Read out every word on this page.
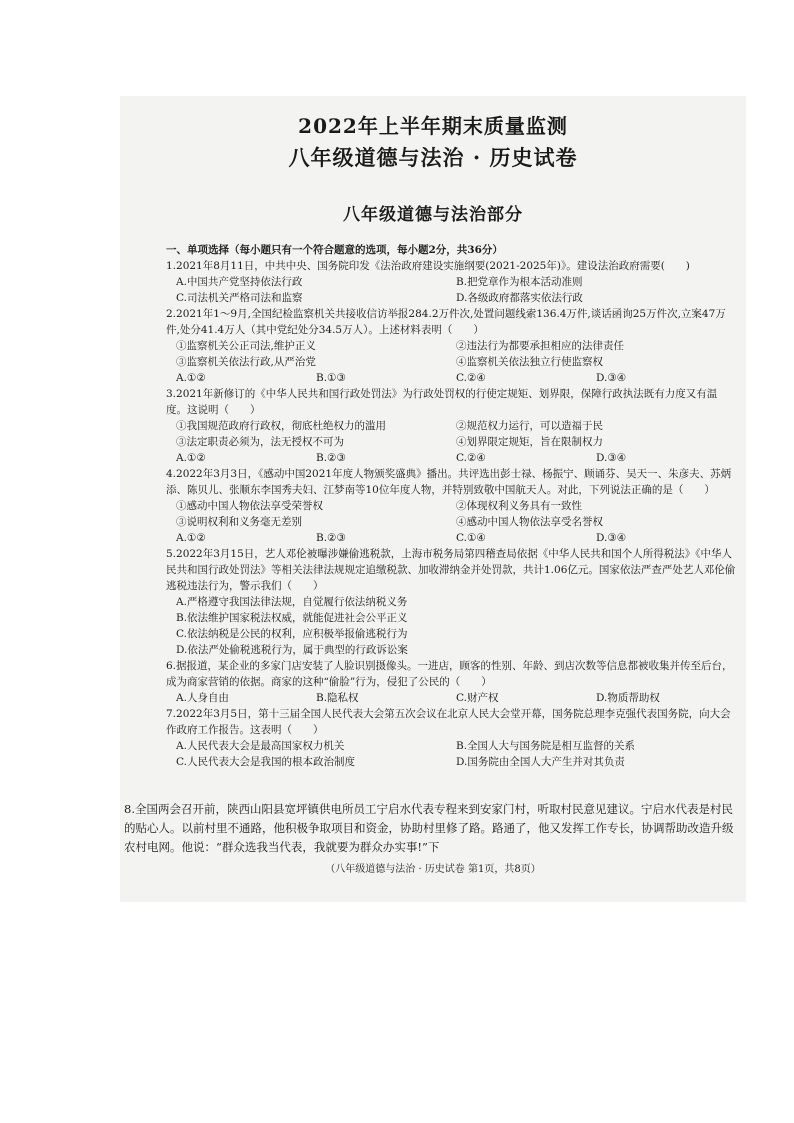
2022年上半年期末质量监测
八年级道德与法治 · 历史试卷
八年级道德与法治部分
一、单项选择（每小题只有一个符合题意的选项，每小题2分，共36分）
1.2021年8月11日，中共中央、国务院印发《法治政府建设实施纲要(2021-2025年)》。建设法治政府需要(　　)
A.中国共产党坚持依法行政	B.把党章作为根本活动准则
C.司法机关严格司法和监察	D.各级政府都落实依法行政
2.2021年1～9月,全国纪检监察机关共接收信访举报284.2万件次,处置问题线索136.4万件,谈话函询25万件次,立案47万件,处分41.4万人（其中党纪处分34.5万人）。上述材料表明（　　）
①监察机关公正司法,维护正义	②违法行为都要承担相应的法律责任
③监察机关依法行政,从严治党	④监察机关依法独立行使监察权
A.①②	B.①③	C.②④	D.③④
3.2021年新修订的《中华人民共和国行政处罚法》为行政处罚权的行使定规矩、划界限，保障行政执法既有力度又有温度。这说明（　　）
①我国规范政府行政权，彻底杜绝权力的滥用	②规范权力运行，可以造福于民
③法定职责必须为，法无授权不可为	④划界限定规矩，旨在限制权力
A.①②	B.②③	C.②④	D.③④
4.2022年3月3日，《感动中国2021年度人物颁奖盛典》播出。共评选出彭士禄、杨振宁、顾诵芬、吴天一、朱彦夫、苏炳添、陈贝儿、张顺东李国秀夫妇、江梦南等10位年度人物，并特别致敬中国航天人。对此，下列说法正确的是（　　）
①感动中国人物依法享受荣誉权	②体现权利义务具有一致性
③说明权利和义务毫无差别	④感动中国人物依法享受名誉权
A.①②	B.②③	C.①④	D.③④
5.2022年3月15日，艺人邓伦被曝涉嫌偷逃税款，上海市税务局第四稽查局依据《中华人民共和国个人所得税法》《中华人民共和国行政处罚法》等相关法律法规规定追缴税款、加收滞纳金并处罚款，共计1.06亿元。国家依法严查严处艺人邓伦偷逃税违法行为，警示我们（　　）
A.严格遵守我国法律法规，自觉履行依法纳税义务
B.依法维护国家税法权威，就能促进社会公平正义
C.依法纳税是公民的权利，应积极举报偷逃税行为
D.依法严处偷税逃税行为，属于典型的行政诉讼案
6.据报道，某企业的多家门店安装了人脸识别摄像头。一进店，顾客的性别、年龄、到店次数等信息都被收集并传至后台，成为商家营销的依据。商家的这种“偷脸”行为，侵犯了公民的（　　）
A.人身自由	B.隐私权	C.财产权	D.物质帮助权
7.2022年3月5日，第十三届全国人民代表大会第五次会议在北京人民大会堂开幕，国务院总理李克强代表国务院，向大会作政府工作报告。这表明（　　）
A.人民代表大会是最高国家权力机关	B.全国人大与国务院是相互监督的关系
C.人民代表大会是我国的根本政治制度	D.国务院由全国人大产生并对其负责
8.全国两会召开前，陕西山阳县宽坪镇供电所员工宁启水代表专程来到安家门村，听取村民意见建议。宁启水代表是村民的贴心人。以前村里不通路，他积极争取项目和资金，协助村里修了路。路通了，他又发挥工作专长，协调帮助改造升级农村电网。他说：“群众选我当代表，我就要为群众办实事!”下
（八年级道德与法治 · 历史试卷 第1页，共8页）
